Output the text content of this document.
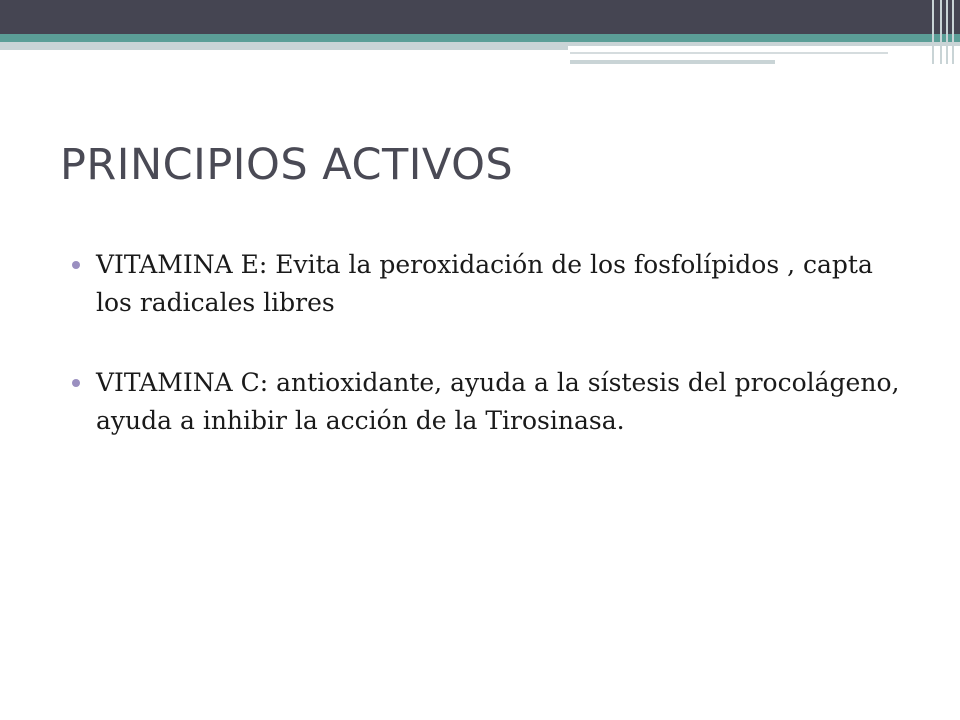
PRINCIPIOS ACTIVOS
VITAMINA E: Evita la peroxidación de los fosfolípidos , capta los radicales libres
VITAMINA C: antioxidante, ayuda a la sístesis del procolágeno, ayuda a inhibir la acción de la Tirosinasa.
